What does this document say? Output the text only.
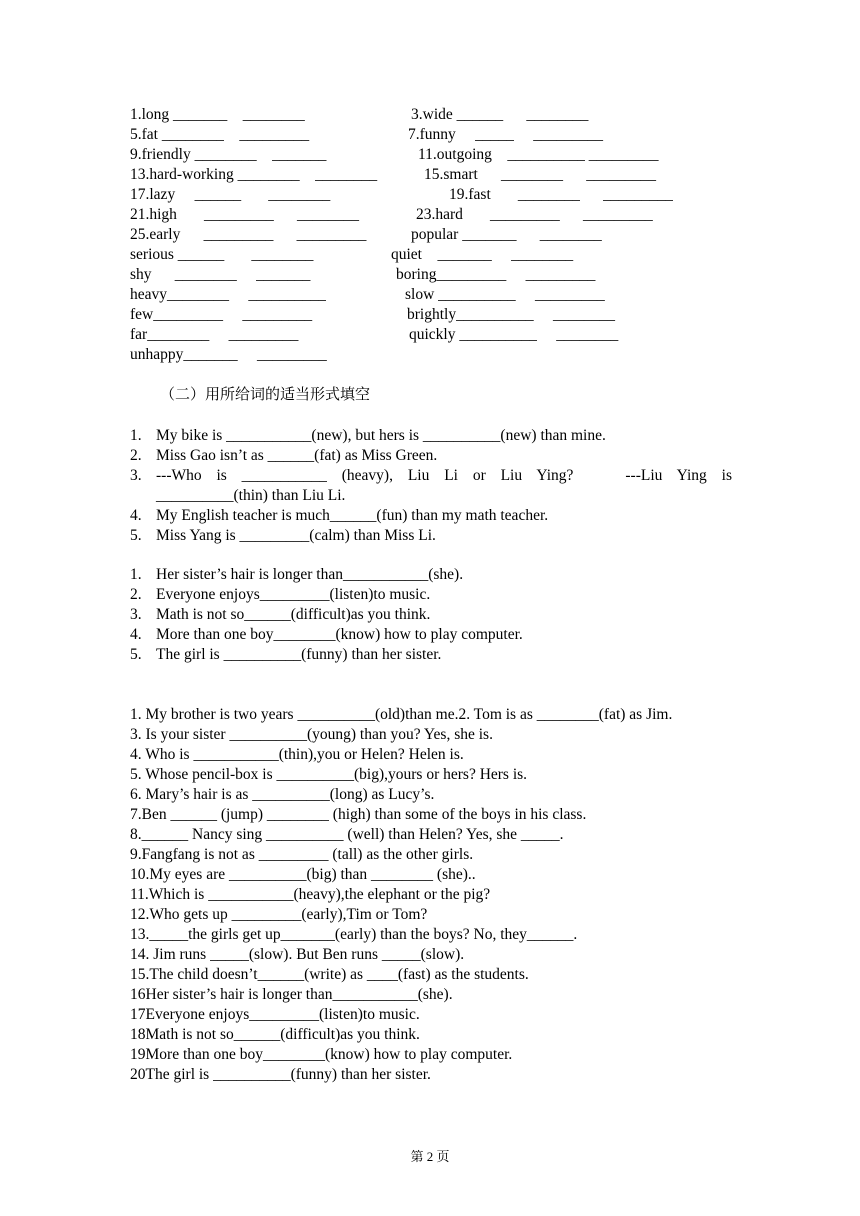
1.long _______    ________	3.wide ______      ________
5.fat ________    _________	7.funny     _____     _________
9.friendly ________    _______	11.outgoing    __________ _________
13.hard-working ________    ________	15.smart      ________      _________
17.lazy     ______       ________	19.fast       ________      _________
21.high       _________      ________	23.hard       _________      _________
25.early      _________      _________	popular _______      ________
serious ______       ________	quiet    _______     ________
shy      ________     _______	boring_________     _________
heavy________     __________	slow __________     _________
few_________     _________	brightly__________     ________
far________     _________	quickly __________     ________
unhappy_______     _________
（二）用所给词的适当形式填空
1. My bike is ___________(new), but hers is __________(new) than mine.
2. Miss Gao isn’t as ______(fat) as Miss Green.
3. ---Who  is  ___________  (heavy),  Liu  Li  or  Liu  Ying?       ---Liu  Ying  is __________(thin) than Liu Li.
4. My English teacher is much______(fun) than my math teacher.
5. Miss Yang is _________(calm) than Miss Li.
1. Her sister’s hair is longer than___________(she).
2. Everyone enjoys_________(listen)to music.
3. Math is not so______(difficult)as you think.
4. More than one boy________(know) how to play computer.
5. The girl is __________(funny) than her sister.
1. My brother is two years __________(old)than me.2. Tom is as ________(fat) as Jim.
3. Is your sister __________(young) than you? Yes, she is.
4. Who is ___________(thin),you or Helen? Helen is.
5. Whose pencil-box is __________(big),yours or hers? Hers is.
6. Mary’s hair is as __________(long) as Lucy’s.
7.Ben ______ (jump) ________ (high) than some of the boys in his class.
8.______ Nancy sing __________ (well) than Helen? Yes, she _____.
9.Fangfang is not as _________ (tall) as the other girls.
10.My eyes are __________(big) than ________ (she)..
11.Which is ___________(heavy),the elephant or the pig?
12.Who gets up _________(early),Tim or Tom?
13._____the girls get up_______(early) than the boys? No, they______.
14. Jim runs _____(slow). But Ben runs _____(slow).
15.The child doesn’t______(write) as ____(fast) as the students.
16Her sister’s hair is longer than___________(she).
17Everyone enjoys_________(listen)to music.
18Math is not so______(difficult)as you think.
19More than one boy________(know) how to play computer.
20The girl is __________(funny) than her sister.
第 2 页
